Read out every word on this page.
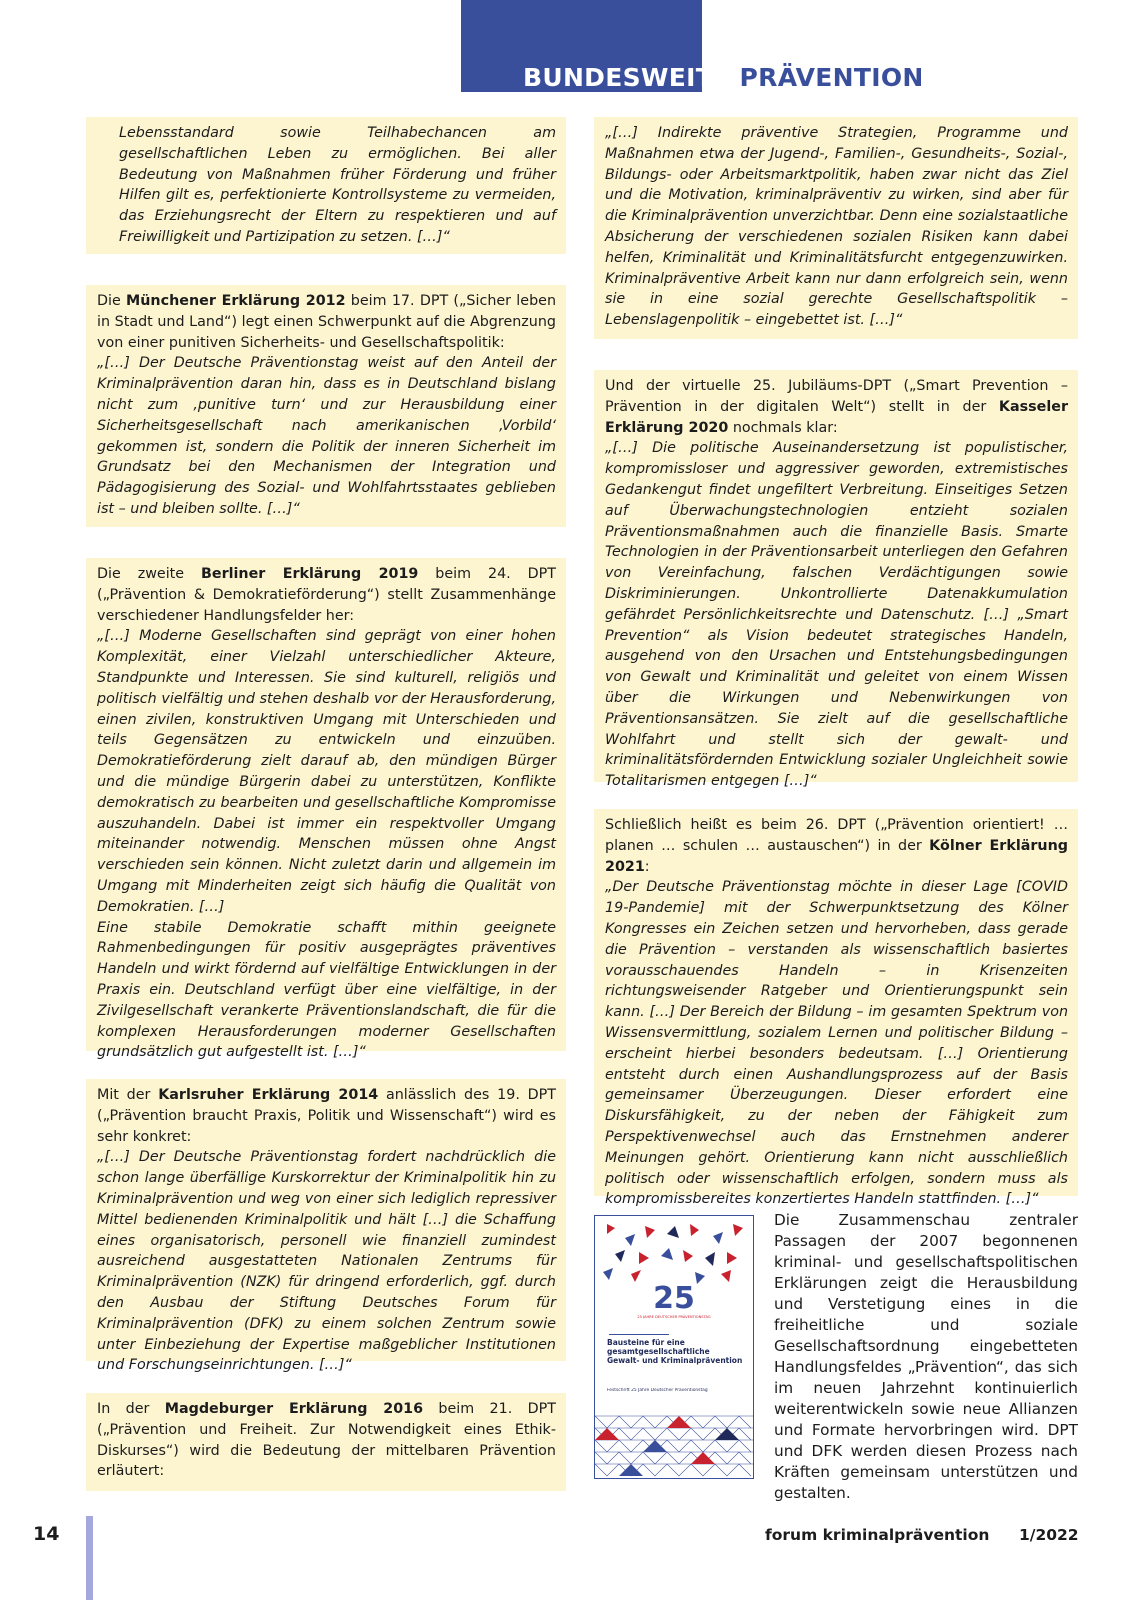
BUNDESWEITE PRÄVENTION

Lebensstandard sowie Teilhabechancen am gesellschaftlichen Leben zu ermöglichen. Bei aller Bedeutung von Maßnahmen früher Förderung und früher Hilfen gilt es, perfektionierte Kontrollsysteme zu vermeiden, das Erziehungsrecht der Eltern zu respektieren und auf Freiwilligkeit und Partizipation zu setzen. […]“

Die Münchener Erklärung 2012 beim 17. DPT („Sicher leben in Stadt und Land“) legt einen Schwerpunkt auf die Abgrenzung von einer punitiven Sicherheits- und Gesellschaftspolitik:

„[…] Der Deutsche Präventionstag weist auf den Anteil der Kriminalprävention daran hin, dass es in Deutschland bislang nicht zum ‚punitive turn‘ und zur Herausbildung einer Sicherheitsgesellschaft nach amerikanischen ‚Vorbild‘ gekommen ist, sondern die Politik der inneren Sicherheit im Grundsatz bei den Mechanismen der Integration und Pädagogisierung des Sozial- und Wohlfahrtsstaates geblieben ist – und bleiben sollte. […]“

Die zweite Berliner Erklärung 2019 beim 24. DPT („Prävention & Demokratieförderung“) stellt Zusammenhänge verschiedener Handlungsfelder her:

„[…] Moderne Gesellschaften sind geprägt von einer hohen Komplexität, einer Vielzahl unterschiedlicher Akteure, Standpunkte und Interessen. Sie sind kulturell, religiös und politisch vielfältig und stehen deshalb vor der Herausforderung, einen zivilen, konstruktiven Umgang mit Unterschieden und teils Gegensätzen zu entwickeln und einzuüben. Demokratieförderung zielt darauf ab, den mündigen Bürger und die mündige Bürgerin dabei zu unterstützen, Konflikte demokratisch zu bearbeiten und gesellschaftliche Kompromisse auszuhandeln. Dabei ist immer ein respektvoller Umgang miteinander notwendig. Menschen müssen ohne Angst verschieden sein können. Nicht zuletzt darin und allgemein im Umgang mit Minderheiten zeigt sich häufig die Qualität von Demokratien. […]

Eine stabile Demokratie schafft mithin geeignete Rahmenbedingungen für positiv ausgeprägtes präventives Handeln und wirkt fördernd auf vielfältige Entwicklungen in der Praxis ein. Deutschland verfügt über eine vielfältige, in der Zivilgesellschaft verankerte Präventionslandschaft, die für die komplexen Herausforderungen moderner Gesellschaften grundsätzlich gut aufgestellt ist. […]“

Mit der Karlsruher Erklärung 2014 anlässlich des 19. DPT („Prävention braucht Praxis, Politik und Wissenschaft“) wird es sehr konkret:

„[…] Der Deutsche Präventionstag fordert nachdrücklich die schon lange überfällige Kurskorrektur der Kriminalpolitik hin zu Kriminalprävention und weg von einer sich lediglich repressiver Mittel bedienenden Kriminalpolitik und hält […] die Schaffung eines organisatorisch, personell wie finanziell zumindest ausreichend ausgestatteten Nationalen Zentrums für Kriminalprävention (NZK) für dringend erforderlich, ggf. durch den Ausbau der Stiftung Deutsches Forum für Kriminalprävention (DFK) zu einem solchen Zentrum sowie unter Einbeziehung der Expertise maßgeblicher Institutionen und Forschungseinrichtungen. […]“

In der Magdeburger Erklärung 2016 beim 21. DPT („Prävention und Freiheit. Zur Notwendigkeit eines Ethik-Diskurses“) wird die Bedeutung der mittelbaren Prävention erläutert:

„[…] Indirekte präventive Strategien, Programme und Maßnahmen etwa der Jugend-, Familien-, Gesundheits-, Sozial-, Bildungs- oder Arbeitsmarktpolitik, haben zwar nicht das Ziel und die Motivation, kriminalpräventiv zu wirken, sind aber für die Kriminalprävention unverzichtbar. Denn eine sozialstaatliche Absicherung der verschiedenen sozialen Risiken kann dabei helfen, Kriminalität und Kriminalitätsfurcht entgegenzuwirken. Kriminalpräventive Arbeit kann nur dann erfolgreich sein, wenn sie in eine sozial gerechte Gesellschaftspolitik – Lebenslagenpolitik – eingebettet ist. […]“

Und der virtuelle 25. Jubiläums-DPT („Smart Prevention – Prävention in der digitalen Welt“) stellt in der Kasseler Erklärung 2020 nochmals klar:

„[…] Die politische Auseinandersetzung ist populistischer, kompromissloser und aggressiver geworden, extremistisches Gedankengut findet ungefiltert Verbreitung. Einseitiges Setzen auf Überwachungstechnologien entzieht sozialen Präventionsmaßnahmen auch die finanzielle Basis. Smarte Technologien in der Präventionsarbeit unterliegen den Gefahren von Vereinfachung, falschen Verdächtigungen sowie Diskriminierungen. Unkontrollierte Datenakkumulation gefährdet Persönlichkeitsrechte und Datenschutz. […] „Smart Prevention“ als Vision bedeutet strategisches Handeln, ausgehend von den Ursachen und Entstehungsbedingungen von Gewalt und Kriminalität und geleitet von einem Wissen über die Wirkungen und Nebenwirkungen von Präventionsansätzen. Sie zielt auf die gesellschaftliche Wohlfahrt und stellt sich der gewalt- und kriminalitätsfördernden Entwicklung sozialer Ungleichheit sowie Totalitarismen entgegen […]“

Schließlich heißt es beim 26. DPT („Prävention orientiert! … planen … schulen … austauschen“) in der Kölner Erklärung 2021:

„Der Deutsche Präventionstag möchte in dieser Lage [COVID 19-Pandemie] mit der Schwerpunktsetzung des Kölner Kongresses ein Zeichen setzen und hervorheben, dass gerade die Prävention – verstanden als wissenschaftlich basiertes vorausschauendes Handeln – in Krisenzeiten richtungsweisender Ratgeber und Orientierungspunkt sein kann. […] Der Bereich der Bildung – im gesamten Spektrum von Wissensvermittlung, sozialem Lernen und politischer Bildung – erscheint hierbei besonders bedeutsam. […] Orientierung entsteht durch einen Aushandlungsprozess auf der Basis gemeinsamer Überzeugungen. Dieser erfordert eine Diskursfähigkeit, zu der neben der Fähigkeit zum Perspektivenwechsel auch das Ernstnehmen anderer Meinungen gehört. Orientierung kann nicht ausschließlich politisch oder wissenschaftlich erfolgen, sondern muss als kompromissbereites konzertiertes Handeln stattfinden. […]“

25
25 JAHRE DEUTSCHER PRÄVENTIONSTAG
Bausteine für eine gesamtgesellschaftliche Gewalt- und Kriminalprävention
Festschrift 25 Jahre Deutscher Präventionstag

Die Zusammenschau zentraler Passagen der 2007 begonnenen kriminal- und gesellschaftspolitischen Erklärungen zeigt die Herausbildung und Verstetigung eines in die freiheitliche und soziale Gesellschaftsordnung eingebetteten Handlungsfeldes „Prävention“, das sich im neuen Jahrzehnt kontinuierlich weiterentwickeln sowie neue Allianzen und Formate hervorbringen wird. DPT und DFK werden diesen Prozess nach Kräften gemeinsam unterstützen und gestalten.

14	forum kriminalprävention 1/2022
